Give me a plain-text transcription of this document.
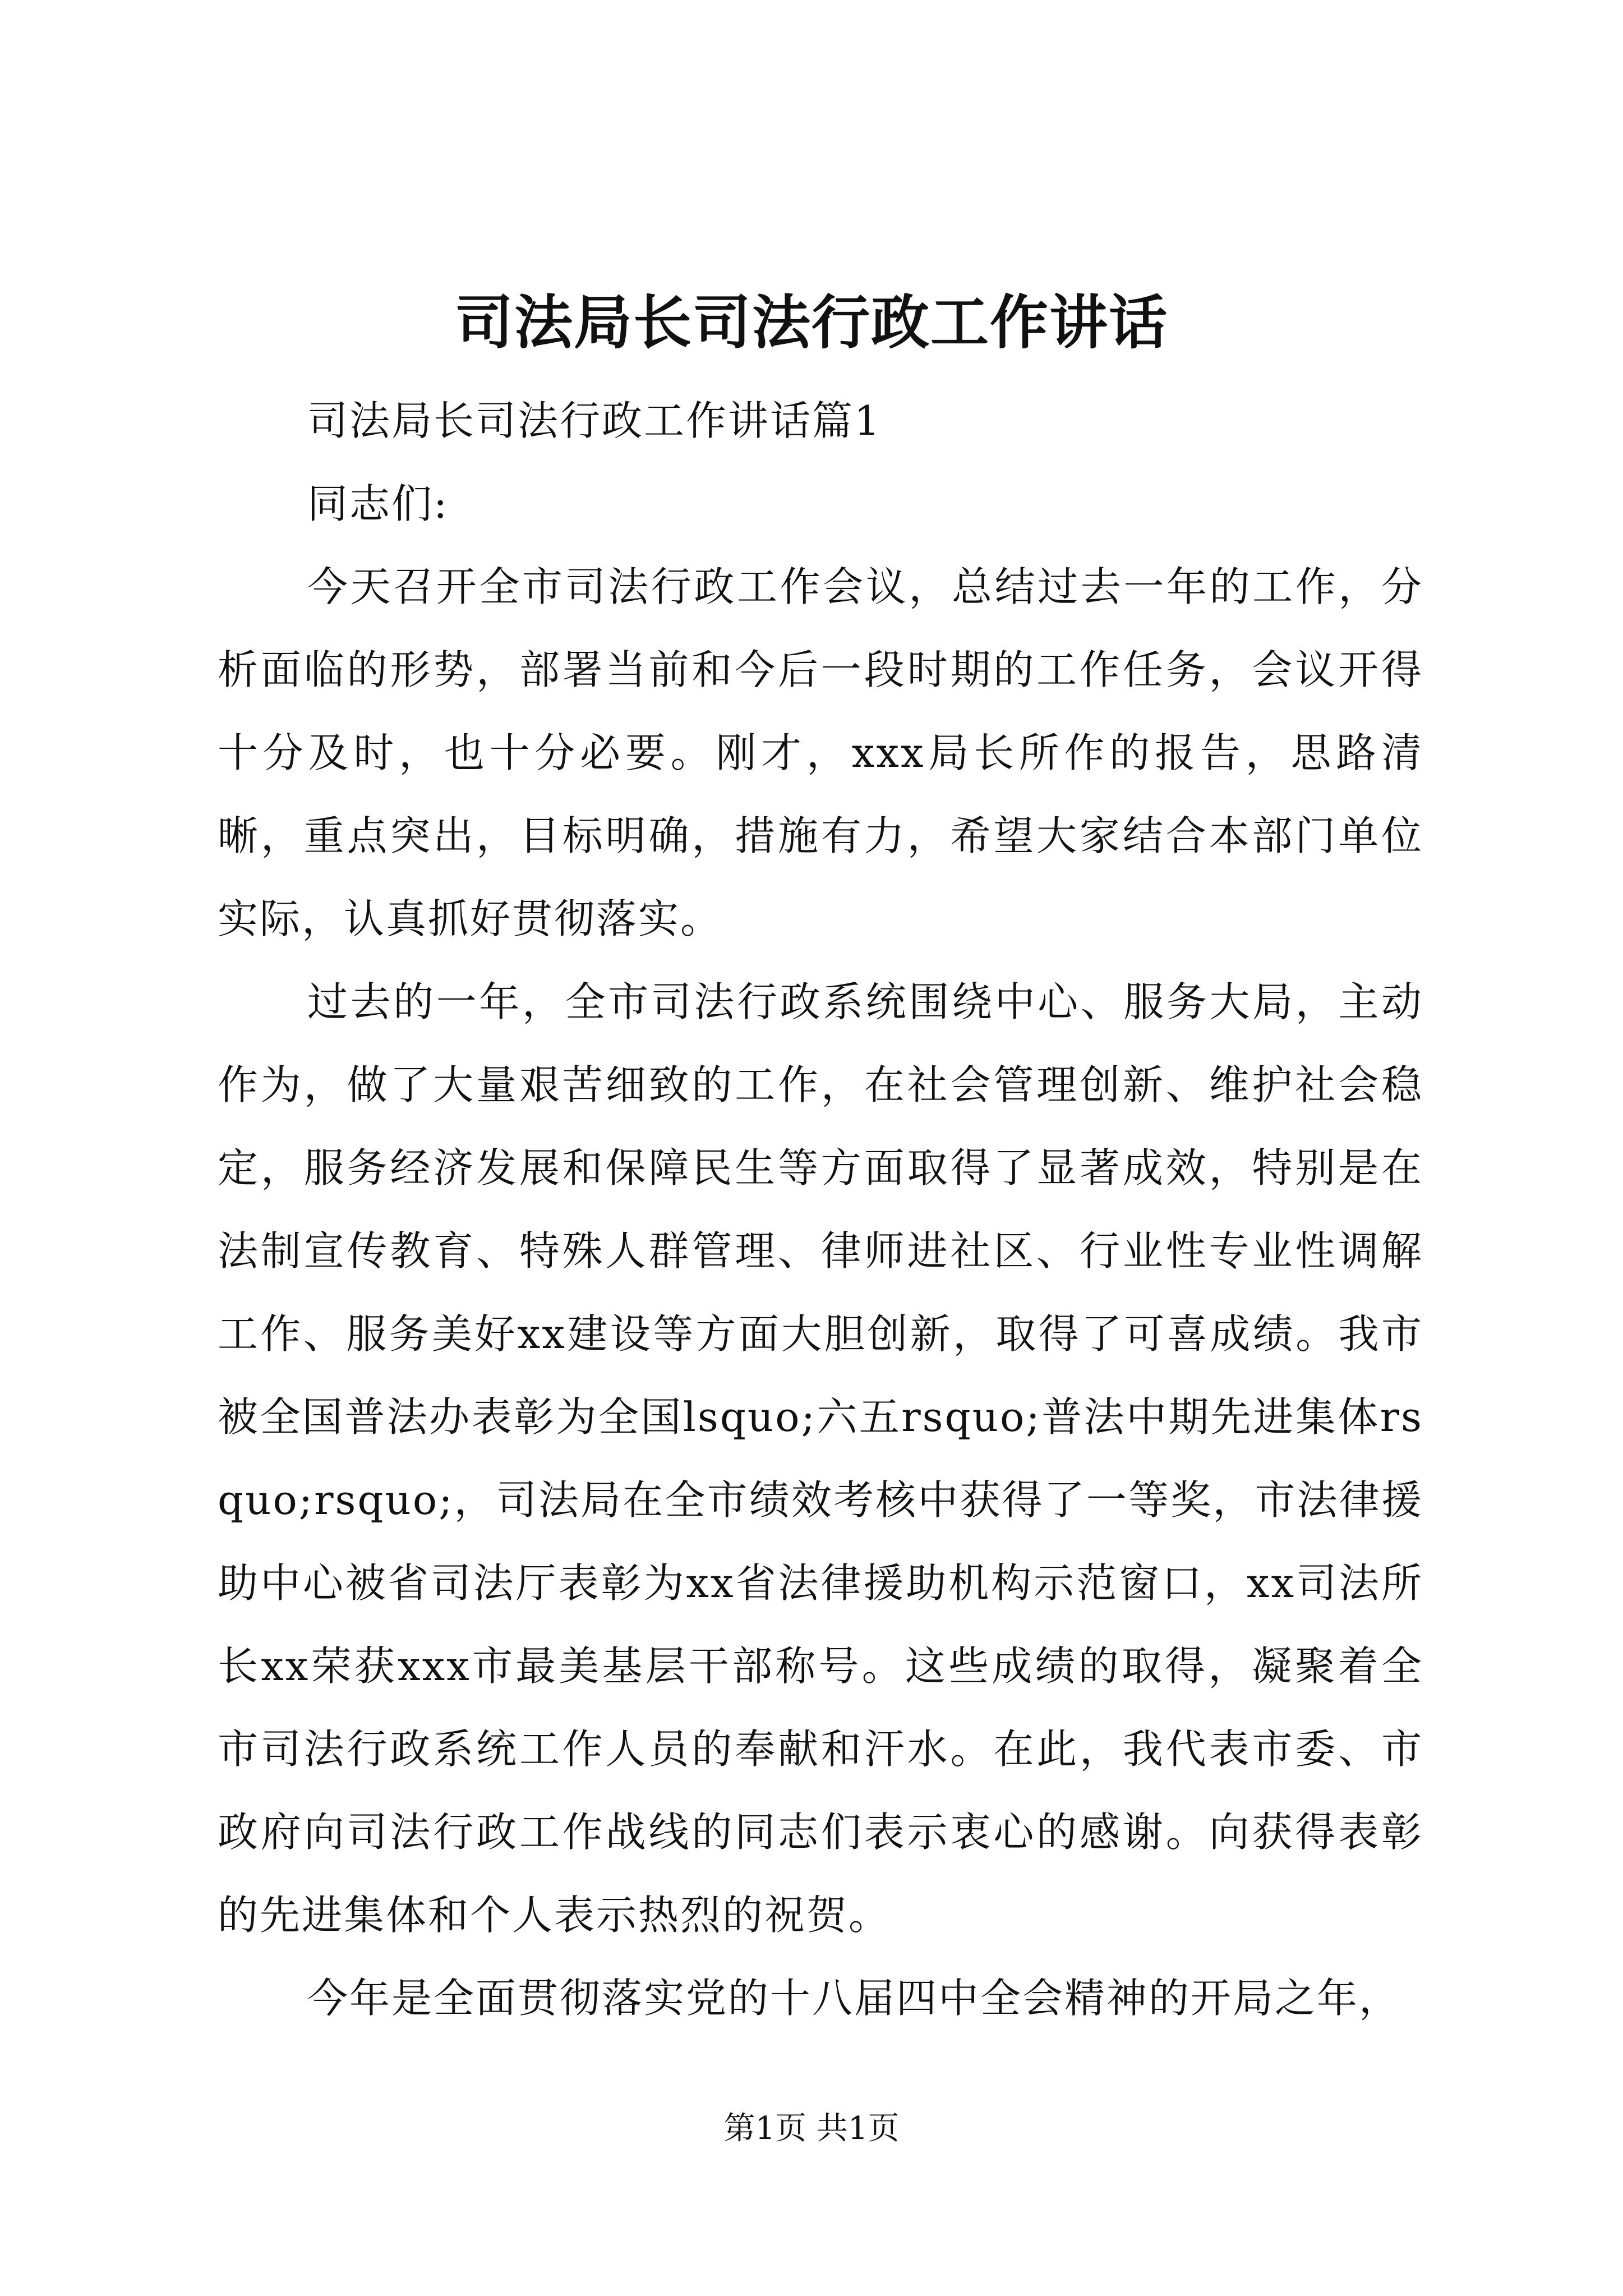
司法局长司法行政工作讲话

司法局长司法行政工作讲话篇1

同志们:

今天召开全市司法行政工作会议，总结过去一年的工作，分析面临的形势，部署当前和今后一段时期的工作任务，会议开得十分及时，也十分必要。刚才，xxx局长所作的报告，思路清晰，重点突出，目标明确，措施有力，希望大家结合本部门单位实际，认真抓好贯彻落实。

过去的一年，全市司法行政系统围绕中心、服务大局，主动作为，做了大量艰苦细致的工作，在社会管理创新、维护社会稳定，服务经济发展和保障民生等方面取得了显著成效，特别是在法制宣传教育、特殊人群管理、律师进社区、行业性专业性调解工作、服务美好xx建设等方面大胆创新，取得了可喜成绩。我市被全国普法办表彰为全国lsquo;六五rsquo;普法中期先进集体rsquo;rsquo;，司法局在全市绩效考核中获得了一等奖，市法律援助中心被省司法厅表彰为xx省法律援助机构示范窗口，xx司法所长xx荣获xxx市最美基层干部称号。这些成绩的取得，凝聚着全市司法行政系统工作人员的奉献和汗水。在此，我代表市委、市政府向司法行政工作战线的同志们表示衷心的感谢。向获得表彰的先进集体和个人表示热烈的祝贺。

今年是全面贯彻落实党的十八届四中全会精神的开局之年，

第1页 共1页
